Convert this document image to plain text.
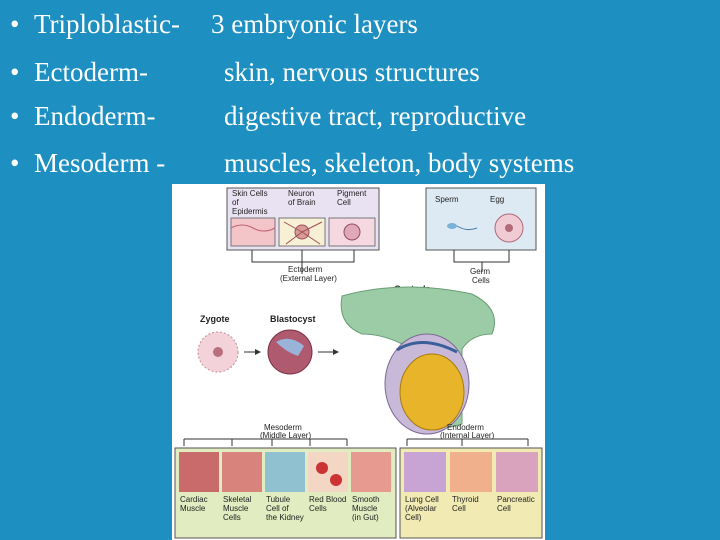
• Triploblastic- 3 embryonic layers
• Ectoderm-	skin, nervous structures
• Endoderm-	digestive tract, reproductive
• Mesoderm - muscles, skeleton, body systems
Skin Cells
of
Epidermis
Neuron
of Brain
Pigment
Cell	Sperm	Egg
Ectoderm
(External Layer)
Germ
Cells
Zygote	Blastocyst
Mesoderm
(Middle Layer)
Endoderm
(Internal Layer)
Cardiac
Muscle
Skeletal
Muscle
Cells
Tubule
Cell of
the Kidney
Red Blood
Cells
Smooth
Muscle
(in Gut)
Lung Cell
(Alveolar
Cell)
Thyroid
Cell
Pancreatic
Cell
